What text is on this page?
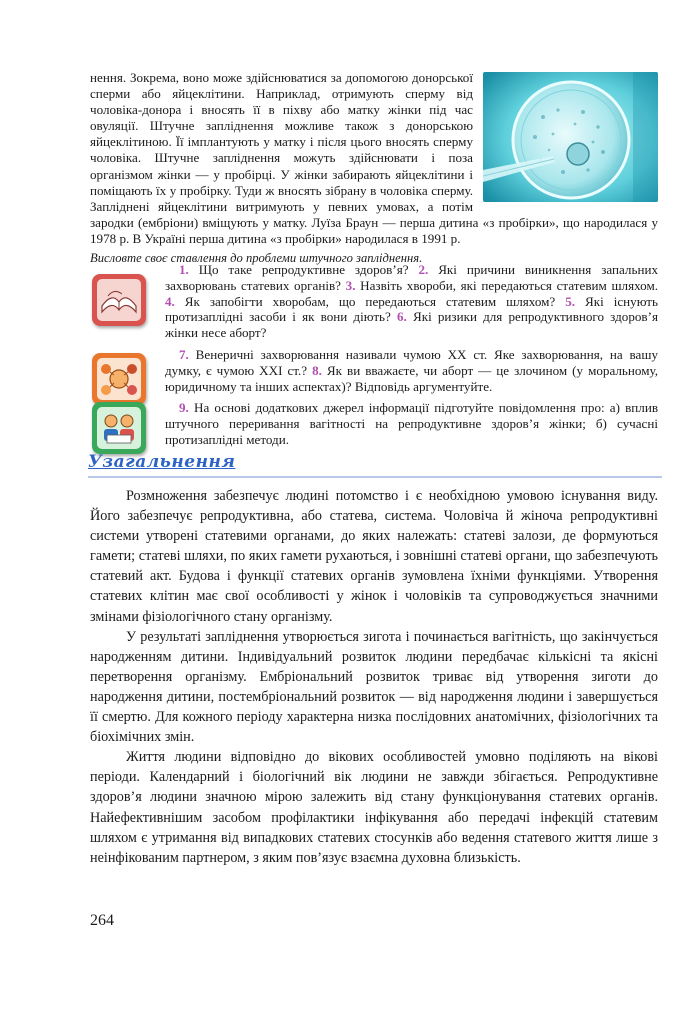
нення. Зокрема, воно може здійснюватися за допомогою донорської сперми або яйцеклітини. Наприклад, отримують сперму від чоловіка-донора і вносять її в піхву або матку жінки під час овуляції. Штучне запліднення можливе також з донорською яйцеклітиною. Її імплантують у матку і після цього вносять сперму чоловіка. Штучне запліднення можуть здійснювати і поза організмом жінки — у пробірці. У жінки забирають яйцеклітини і поміщають їх у пробірку. Туди ж вносять зібрану в чоловіка сперму. Запліднені яйцеклітини витримують у певних умовах, а потім зародки (ембріони) вміщують у матку. Луїза Браун — перша дитина «з пробірки», що народилася у 1978 р. В Україні перша дитина «з пробірки» народилася в 1991 р.

Висловте своє ставлення до проблеми штучного запліднення.

1. Що таке репродуктивне здоров’я? 2. Які причини виникнення запальних захворювань статевих органів? 3. Назвіть хвороби, які передаються статевим шляхом. 4. Як запобігти хворобам, що передаються статевим шляхом? 5. Які існують протизаплідні засоби і як вони діють? 6. Які ризики для репродуктивного здоров’я жінки несе аборт?

7. Венеричні захворювання називали чумою XX ст. Яке захворювання, на вашу думку, є чумою XXI ст.? 8. Як ви вважаєте, чи аборт — це злочином (у моральному, юридичному та інших аспектах)? Відповідь аргументуйте.

9. На основі додаткових джерел інформації підготуйте повідомлення про: а) вплив штучного переривання вагітності на репродуктивне здоров’я жінки; б) сучасні протизаплідні методи.

Узагальнення

Розмноження забезпечує людині потомство і є необхідною умовою існування виду. Його забезпечує репродуктивна, або статева, система. Чоловіча й жіноча репродуктивні системи утворені статевими органами, до яких належать: статеві залози, де формуються гамети; статеві шляхи, по яких гамети рухаються, і зовнішні статеві органи, що забезпечують статевий акт. Будова і функції статевих органів зумовлена їхніми функціями. Утворення статевих клітин має свої особливості у жінок і чоловіків та супроводжується значними змінами фізіологічного стану організму.

У результаті запліднення утворюється зигота і починається вагітність, що закінчується народженням дитини. Індивідуальний розвиток людини передбачає кількісні та якісні перетворення організму. Ембріональний розвиток триває від утворення зиготи до народження дитини, постембріональний розвиток — від народження людини і завершується її смертю. Для кожного періоду характерна низка послідовних анатомічних, фізіологічних та біохімічних змін.

Життя людини відповідно до вікових особливостей умовно поділяють на вікові періоди. Календарний і біологічний вік людини не завжди збігається. Репродуктивне здоров’я людини значною мірою залежить від стану функціонування статевих органів. Найефективнішим засобом профілактики інфікування або передачі інфекцій статевим шляхом є утримання від випадкових статевих стосунків або ведення статевого життя лише з неінфікованим партнером, з яким пов’язує взаємна духовна близькість.

264
